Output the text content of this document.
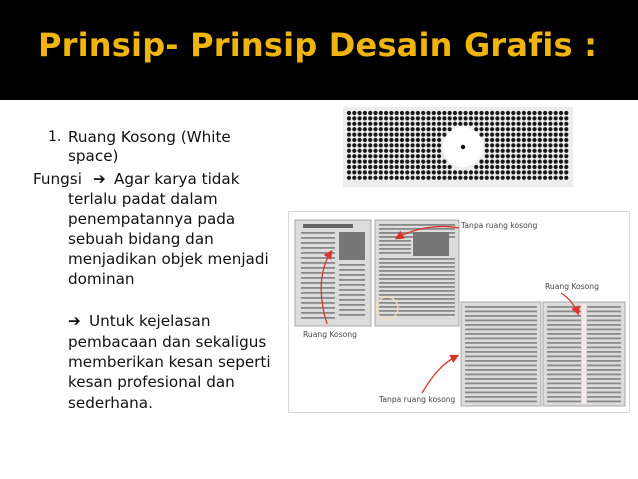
Prinsip- Prinsip Desain Grafis :
1. Ruang Kosong (White
space)
Fungsi ➔ Agar karya tidak
terlalu padat dalam
penempatannya pada
sebuah bidang dan
menjadikan objek menjadi
dominan
➔ Untuk kejelasan
pembacaan dan sekaligus
memberikan kesan seperti
kesan profesional dan
sederhana.
Tanpa ruang kosong
Ruang Kosong
Ruang Kosong
Tanpa ruang kosong
